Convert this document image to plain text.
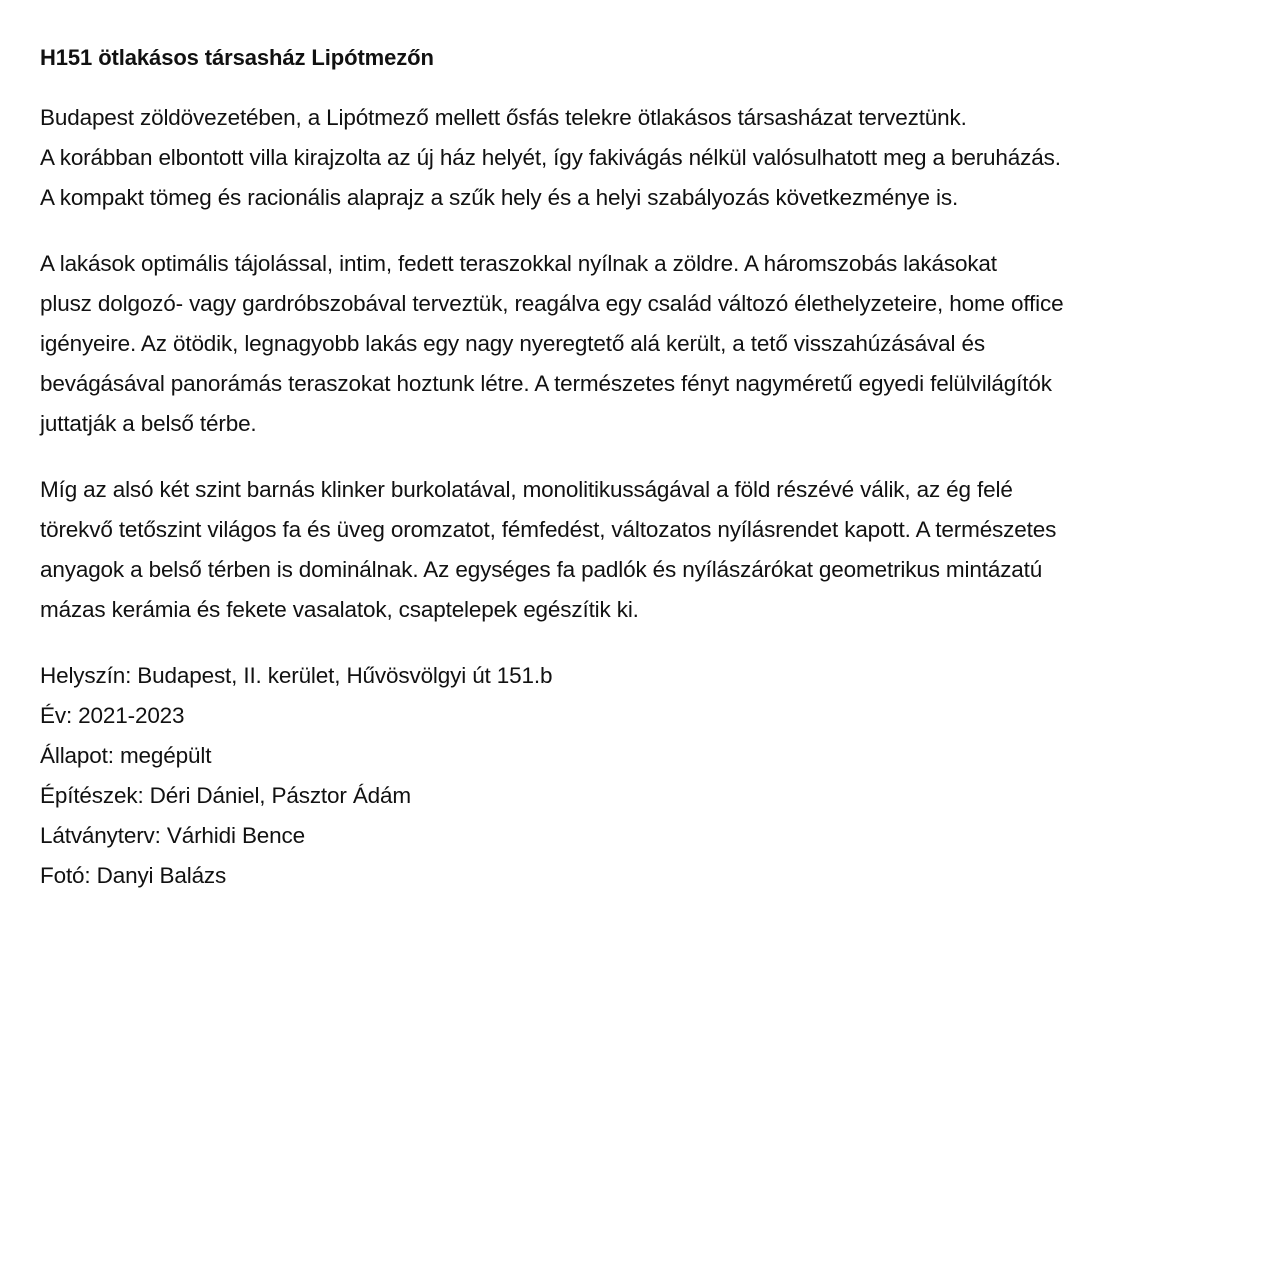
H151 ötlakásos társasház Lipótmezőn

Budapest zöldövezetében, a Lipótmező mellett ősfás telekre ötlakásos társasházat terveztünk.
A korábban elbontott villa kirajzolta az új ház helyét, így fakivágás nélkül valósulhatott meg a beruházás.
A kompakt tömeg és racionális alaprajz a szűk hely és a helyi szabályozás következménye is.

A lakások optimális tájolással, intim, fedett teraszokkal nyílnak a zöldre. A háromszobás lakásokat
plusz dolgozó- vagy gardróbszobával terveztük, reagálva egy család változó élethelyzeteire, home office
igényeire. Az ötödik, legnagyobb lakás egy nagy nyeregtető alá került, a tető visszahúzásával és
bevágásával panorámás teraszokat hoztunk létre. A természetes fényt nagyméretű egyedi felülvilágítók
juttatják a belső térbe.

Míg az alsó két szint barnás klinker burkolatával, monolitikusságával a föld részévé válik, az ég felé
törekvő tetőszint világos fa és üveg oromzatot, fémfedést, változatos nyílásrendet kapott. A természetes
anyagok a belső térben is dominálnak. Az egységes fa padlók és nyílászárókat geometrikus mintázatú
mázas kerámia és fekete vasalatok, csaptelepek egészítik ki.

Helyszín: Budapest, II. kerület, Hűvösvölgyi út 151.b
Év: 2021-2023
Állapot: megépült
Építészek: Déri Dániel, Pásztor Ádám
Látványterv: Várhidi Bence
Fotó: Danyi Balázs
